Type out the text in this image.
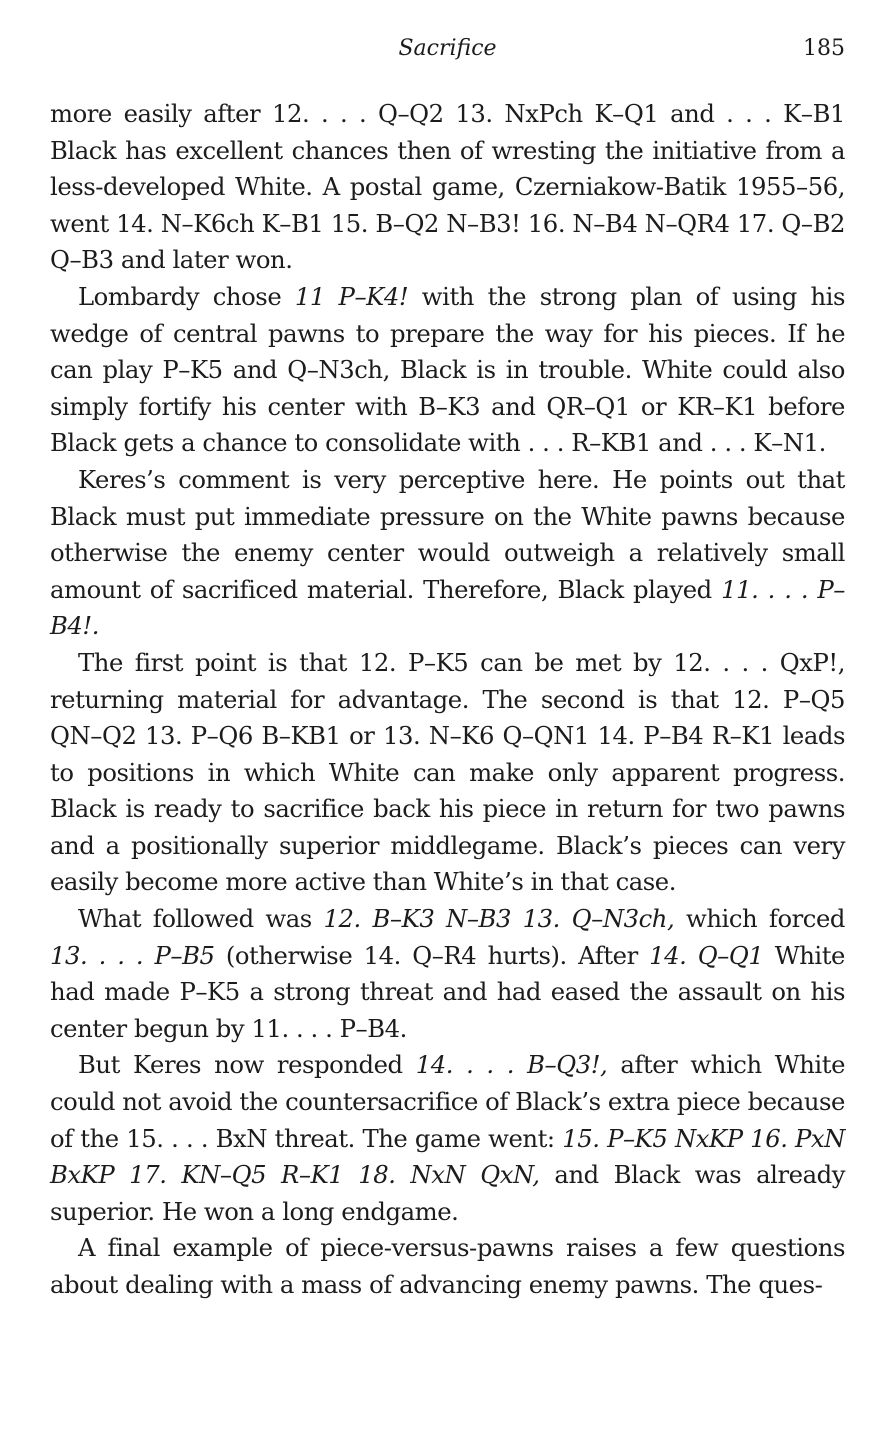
Sacrifice	185

more easily after 12. . . . Q–Q2 13. NxPch K–Q1 and . . . K–B1 Black has excellent chances then of wresting the initiative from a less-developed White. A postal game, Czerniakow-Batik 1955–56, went 14. N–K6ch K–B1 15. B–Q2 N–B3! 16. N–B4 N–QR4 17. Q–B2 Q–B3 and later won.

Lombardy chose 11 P–K4! with the strong plan of using his wedge of central pawns to prepare the way for his pieces. If he can play P–K5 and Q–N3ch, Black is in trouble. White could also simply fortify his center with B–K3 and QR–Q1 or KR–K1 before Black gets a chance to consolidate with . . . R–KB1 and . . . K–N1.

Keres’s comment is very perceptive here. He points out that Black must put immediate pressure on the White pawns because otherwise the enemy center would outweigh a relatively small amount of sacrificed material. Therefore, Black played 11. . . . P–B4!.

The first point is that 12. P–K5 can be met by 12. . . . QxP!, returning material for advantage. The second is that 12. P–Q5 QN–Q2 13. P–Q6 B–KB1 or 13. N–K6 Q–QN1 14. P–B4 R–K1 leads to positions in which White can make only apparent progress. Black is ready to sacrifice back his piece in return for two pawns and a positionally superior middlegame. Black’s pieces can very easily become more active than White’s in that case.

What followed was 12. B–K3 N–B3 13. Q–N3ch, which forced 13. . . . P–B5 (otherwise 14. Q–R4 hurts). After 14. Q–Q1 White had made P–K5 a strong threat and had eased the assault on his center begun by 11. . . . P–B4.

But Keres now responded 14. . . . B–Q3!, after which White could not avoid the countersacrifice of Black’s extra piece because of the 15. . . . BxN threat. The game went: 15. P–K5 NxKP 16. PxN BxKP 17. KN–Q5 R–K1 18. NxN QxN, and Black was already superior. He won a long endgame.

A final example of piece-versus-pawns raises a few questions about dealing with a mass of advancing enemy pawns. The ques-
